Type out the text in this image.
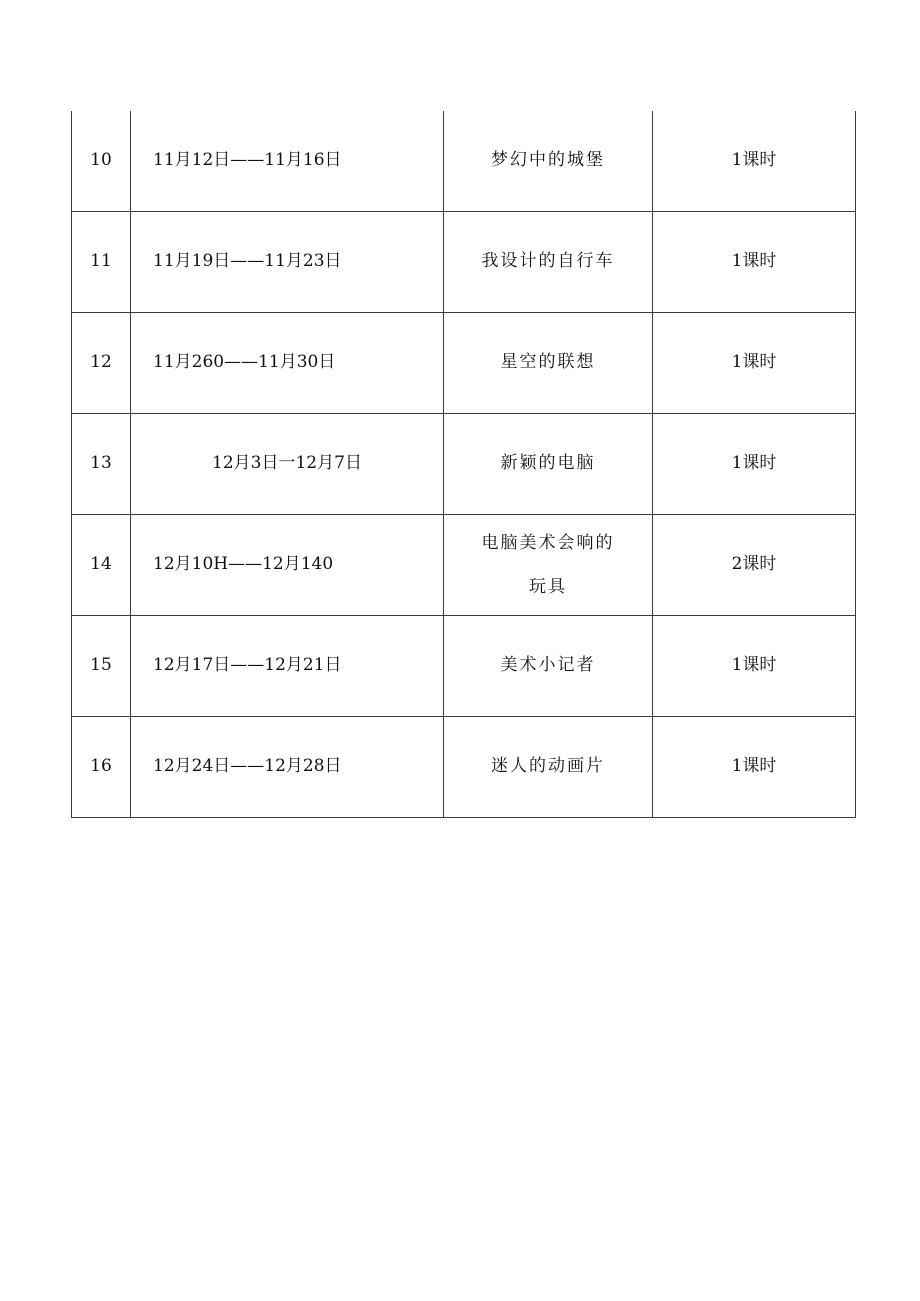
10	11月12日——11月16日	梦幻中的城堡	1课时
11	11月19日——11月23日	我设计的自行车	1课时
12	11月260——11月30日	星空的联想	1课时
13	12月3日一12月7日	新颖的电脑	1课时
14	12月10H——12月140	电脑美术会响的玩具	2课时
15	12月17日——12月21日	美术小记者	1课时
16	12月24日——12月28日	迷人的动画片	1课时
